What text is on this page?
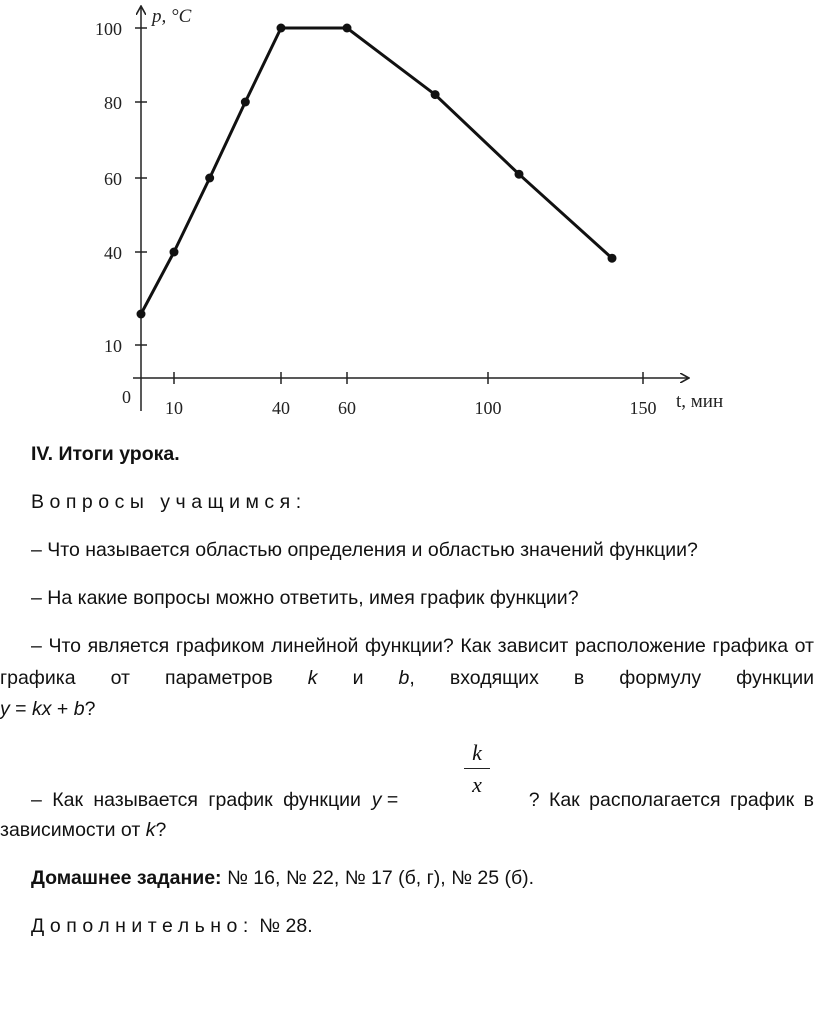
10
40
60
80
100
10	40	60	100	150
0
p, °C
t, мин
IV. Итоги урока.
Вопросы учащимся:
– Что называется областью определения и областью значений функции?
– На какие вопросы можно ответить, имея график функции?
– Что является графиком линейной функции? Как зависит расположение графика от
графика от параметров k и b, входящих в формулу функции
y = kx + b?
k
x
– Как называется график функции y =	? Как располагается график в
зависимости от k?
Домашнее задание: № 16, № 22, № 17 (б, г), № 25 (б).
Дополнительно: № 28.
